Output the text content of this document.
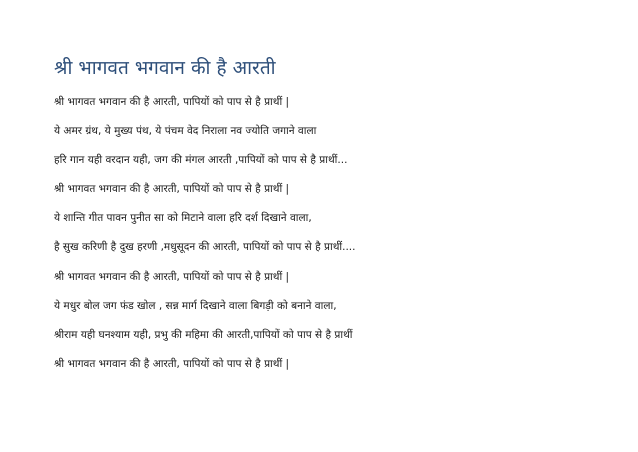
श्री भागवत भगवान की है आरती
श्री भागवत भगवान की है आरती, पापियों को पाप से है प्राथीं |
ये अमर ग्रंथ, ये मुख्य पंथ, ये पंचम वेद निराला नव ज्योति जगाने वाला
हरि गान यही वरदान यही, जग की मंगल आरती ,पापियों को पाप से है प्राथीं...
श्री भागवत भगवान की है आरती, पापियों को पाप से है प्राथीं |
ये शान्ति गीत पावन पुनीत सा को मिटाने वाला हरि दर्श दिखाने वाला,
है सुख करिणी है दुख हरणी ,मधुसूदन की आरती, पापियों को पाप से है प्राथीं....
श्री भागवत भगवान की है आरती, पापियों को पाप से है प्राथीं |
ये मधुर बोल जग फंड खोल , सन्न मार्ग दिखाने वाला बिगड़ी को बनाने वाला,
श्रीराम यही घनश्याम यही, प्रभु की महिमा की आरती,पापियों को पाप से है प्राथीं
श्री भागवत भगवान की है आरती, पापियों को पाप से है प्राथीं |
